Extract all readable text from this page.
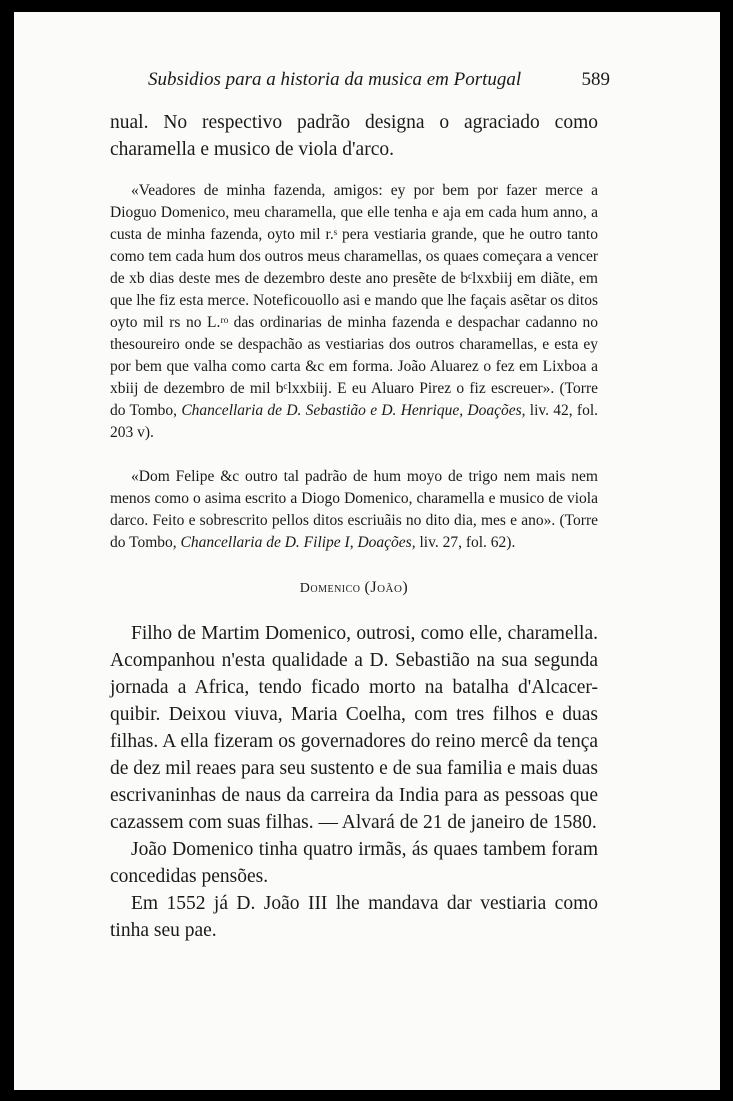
Subsidios para a historia da musica em Portugal	589

nual. No respectivo padrão designa o agraciado como charamella e musico de viola d'arco.

«Veadores de minha fazenda, amigos: ey por bem por fazer merce a Dioguo Domenico, meu charamella, que elle tenha e aja em cada hum anno, a custa de minha fazenda, oyto mil r.ˢ pera vestiaria grande, que he outro tanto como tem cada hum dos outros meus charamellas, os quaes começara a vencer de xb dias deste mes de dezembro deste ano presẽte de bᶜlxxbiij em diãte, em que lhe fiz esta merce. Noteficouollo asi e mando que lhe façais asẽtar os ditos oyto mil rs no L.ʳᵒ das ordinarias de minha fazenda e despachar cadanno no thesoureiro onde se despachão as vestiarias dos outros charamellas, e esta ey por bem que valha como carta &c em forma. João Aluarez o fez em Lixboa a xbiij de dezembro de mil bᶜlxxbiij. E eu Aluaro Pirez o fiz escreuer». (Torre do Tombo, Chancellaria de D. Sebastião e D. Henrique, Doações, liv. 42, fol. 203 v).

«Dom Felipe &c outro tal padrão de hum moyo de trigo nem mais nem menos como o asima escrito a Diogo Domenico, charamella e musico de viola darco. Feito e sobrescrito pellos ditos escriuãis no dito dia, mes e ano». (Torre do Tombo, Chancellaria de D. Filipe I, Doações, liv. 27, fol. 62).

Domenico (João)

Filho de Martim Domenico, outrosi, como elle, charamella. Acompanhou n'esta qualidade a D. Sebastião na sua segunda jornada a Africa, tendo ficado morto na batalha d'Alcacer-quibir. Deixou viuva, Maria Coelha, com tres filhos e duas filhas. A ella fizeram os governadores do reino mercê da tença de dez mil reaes para seu sustento e de sua familia e mais duas escrivaninhas de naus da carreira da India para as pessoas que cazassem com suas filhas. — Alvará de 21 de janeiro de 1580.

João Domenico tinha quatro irmãs, ás quaes tambem foram concedidas pensões.

Em 1552 já D. João III lhe mandava dar vestiaria como tinha seu pae.
